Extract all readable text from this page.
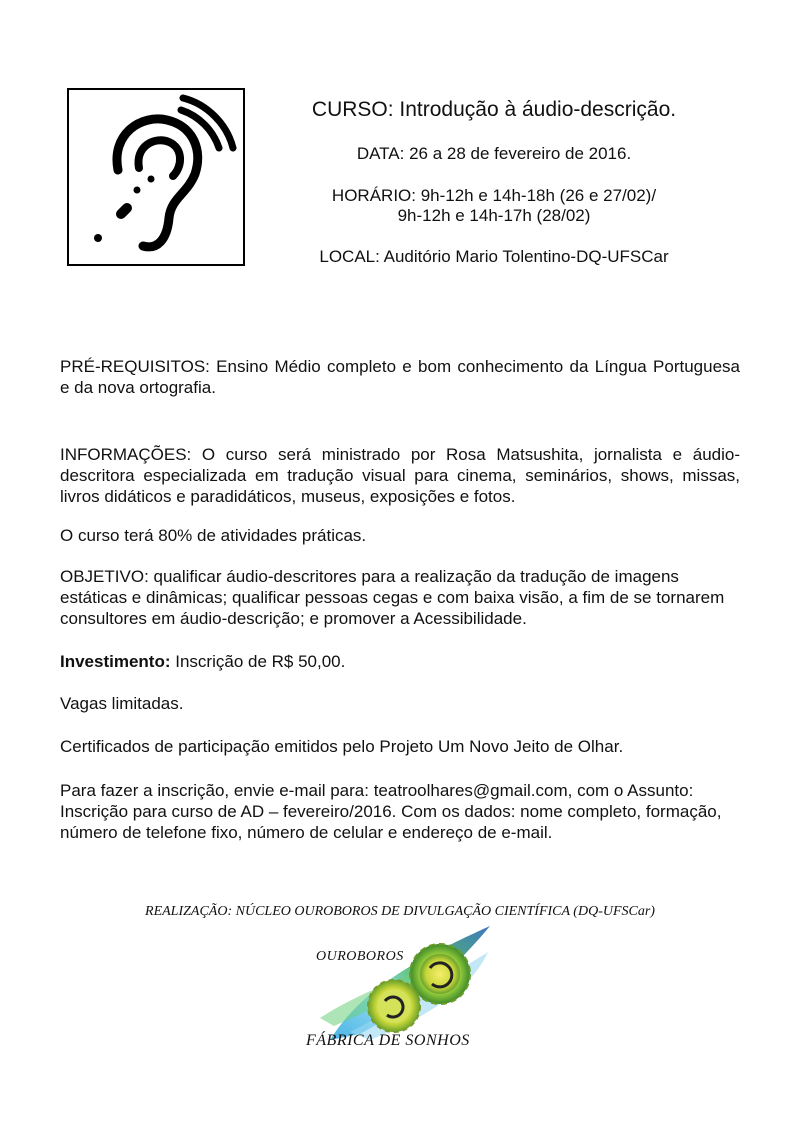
CURSO: Introdução à áudio-descrição.

DATA: 26 a 28 de fevereiro de 2016.

HORÁRIO: 9h-12h e 14h-18h (26 e 27/02)/

9h-12h e 14h-17h (28/02)

LOCAL: Auditório Mario Tolentino-DQ-UFSCar

PRÉ-REQUISITOS: Ensino Médio completo e bom conhecimento da Língua Portuguesa e da nova ortografia.

INFORMAÇÕES: O curso será ministrado por Rosa Matsushita, jornalista e áudio-descritora especializada em tradução visual para cinema, seminários, shows, missas, livros didáticos e paradidáticos, museus, exposições e fotos.

O curso terá 80% de atividades práticas.

OBJETIVO: qualificar áudio-descritores para a realização da tradução de imagens estáticas e dinâmicas; qualificar pessoas cegas e com baixa visão, a fim de se tornarem consultores em áudio-descrição; e promover a Acessibilidade.

Investimento: Inscrição de R$ 50,00.

Vagas limitadas.

Certificados de participação emitidos pelo Projeto Um Novo Jeito de Olhar.

Para fazer a inscrição, envie e-mail para: teatroolhares@gmail.com, com o Assunto: Inscrição para curso de AD – fevereiro/2016. Com os dados: nome completo, formação, número de telefone fixo, número de celular e endereço de e-mail.

REALIZAÇÃO: NÚCLEO OUROBOROS DE DIVULGAÇÃO CIENTÍFICA (DQ-UFSCar)
OUROBOROS
FÁBRICA DE SONHOS
